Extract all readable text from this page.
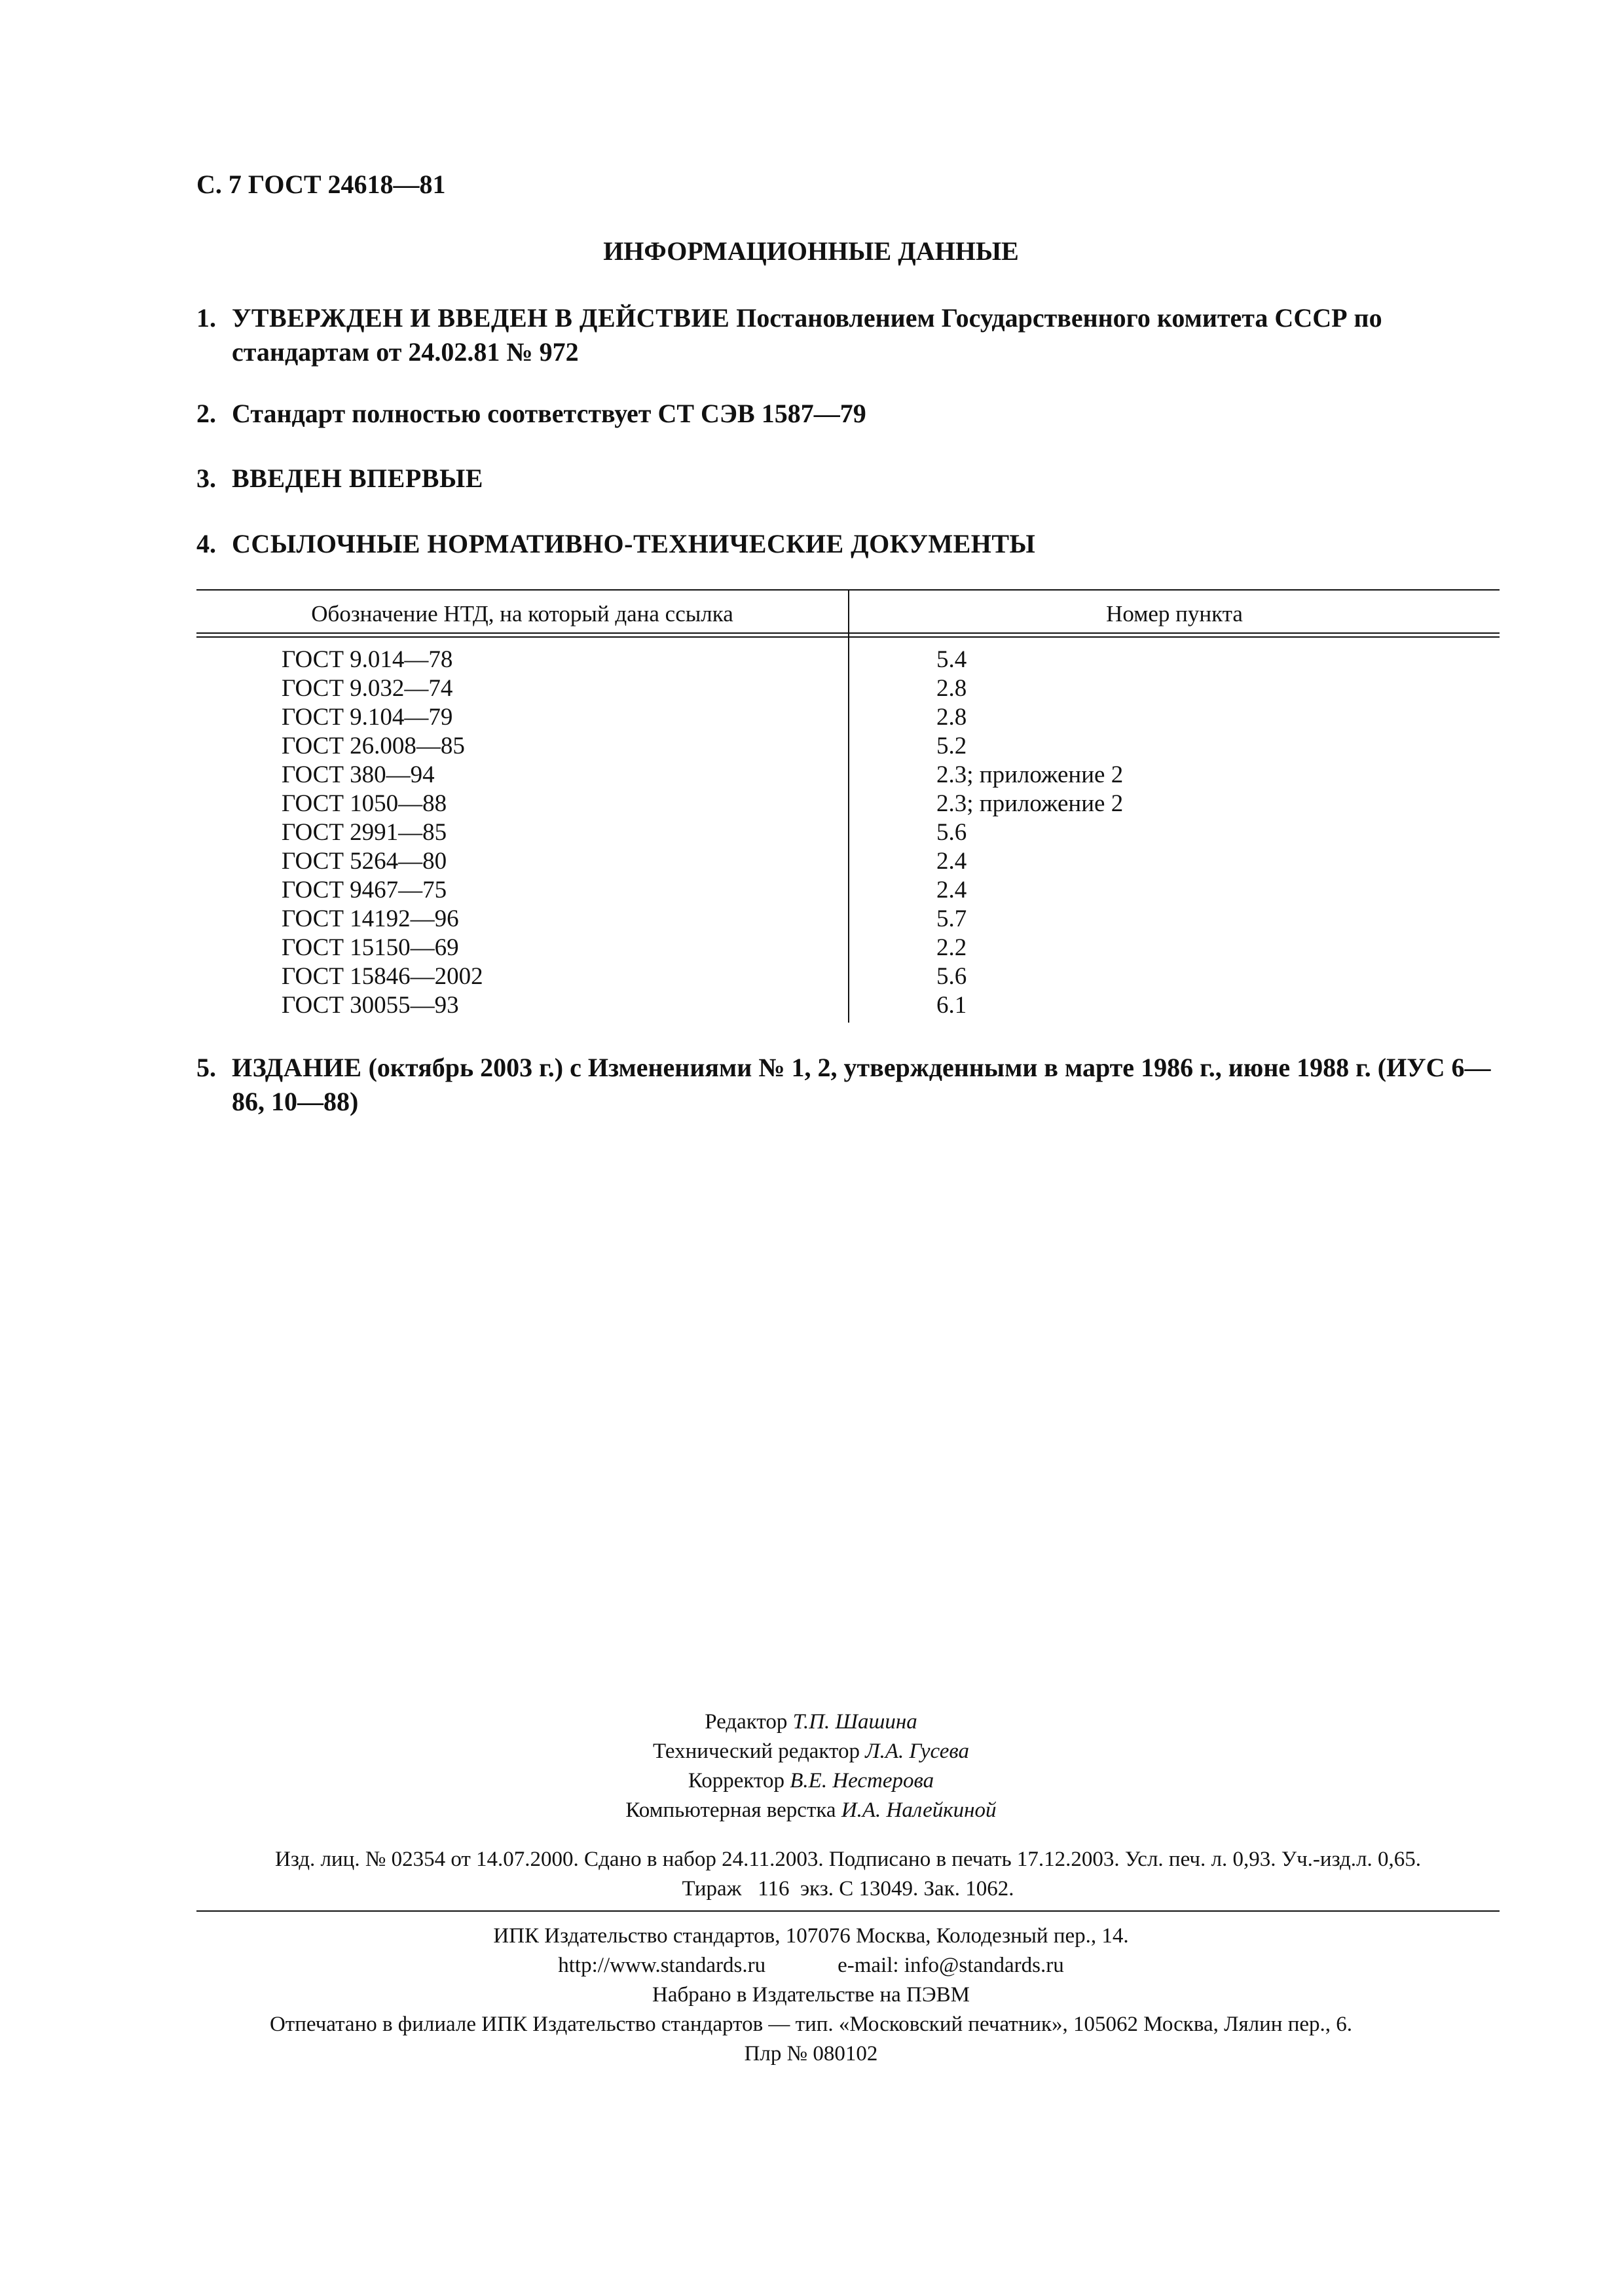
С. 7 ГОСТ 24618—81
ИНФОРМАЦИОННЫЕ ДАННЫЕ
1. УТВЕРЖДЕН И ВВЕДЕН В ДЕЙСТВИЕ Постановлением Государственного комитета СССР по стандартам от 24.02.81 № 972
2. Стандарт полностью соответствует СТ СЭВ 1587—79
3. ВВЕДЕН ВПЕРВЫЕ
4. ССЫЛОЧНЫЕ НОРМАТИВНО-ТЕХНИЧЕСКИЕ ДОКУМЕНТЫ
Обозначение НТД, на который дана ссылка	Номер пункта
ГОСТ 9.014—78	5.4
ГОСТ 9.032—74	2.8
ГОСТ 9.104—79	2.8
ГОСТ 26.008—85	5.2
ГОСТ 380—94	2.3; приложение 2
ГОСТ 1050—88	2.3; приложение 2
ГОСТ 2991—85	5.6
ГОСТ 5264—80	2.4
ГОСТ 9467—75	2.4
ГОСТ 14192—96	5.7
ГОСТ 15150—69	2.2
ГОСТ 15846—2002	5.6
ГОСТ 30055—93	6.1
5. ИЗДАНИЕ (октябрь 2003 г.) с Изменениями № 1, 2, утвержденными в марте 1986 г., июне 1988 г. (ИУС 6—86, 10—88)
Редактор Т.П. Шашина
Технический редактор Л.А. Гусева
Корректор В.Е. Нестерова
Компьютерная верстка И.А. Налейкиной
Изд. лиц. № 02354 от 14.07.2000. Сдано в набор 24.11.2003. Подписано в печать 17.12.2003. Усл. печ. л. 0,93. Уч.-изд.л. 0,65.
Тираж   116  экз. С 13049. Зак. 1062.
ИПК Издательство стандартов, 107076 Москва, Колодезный пер., 14.
http://www.standards.ru	e-mail: info@standards.ru
Набрано в Издательстве на ПЭВМ
Отпечатано в филиале ИПК Издательство стандартов — тип. «Московский печатник», 105062 Москва, Лялин пер., 6.
Плр № 080102
